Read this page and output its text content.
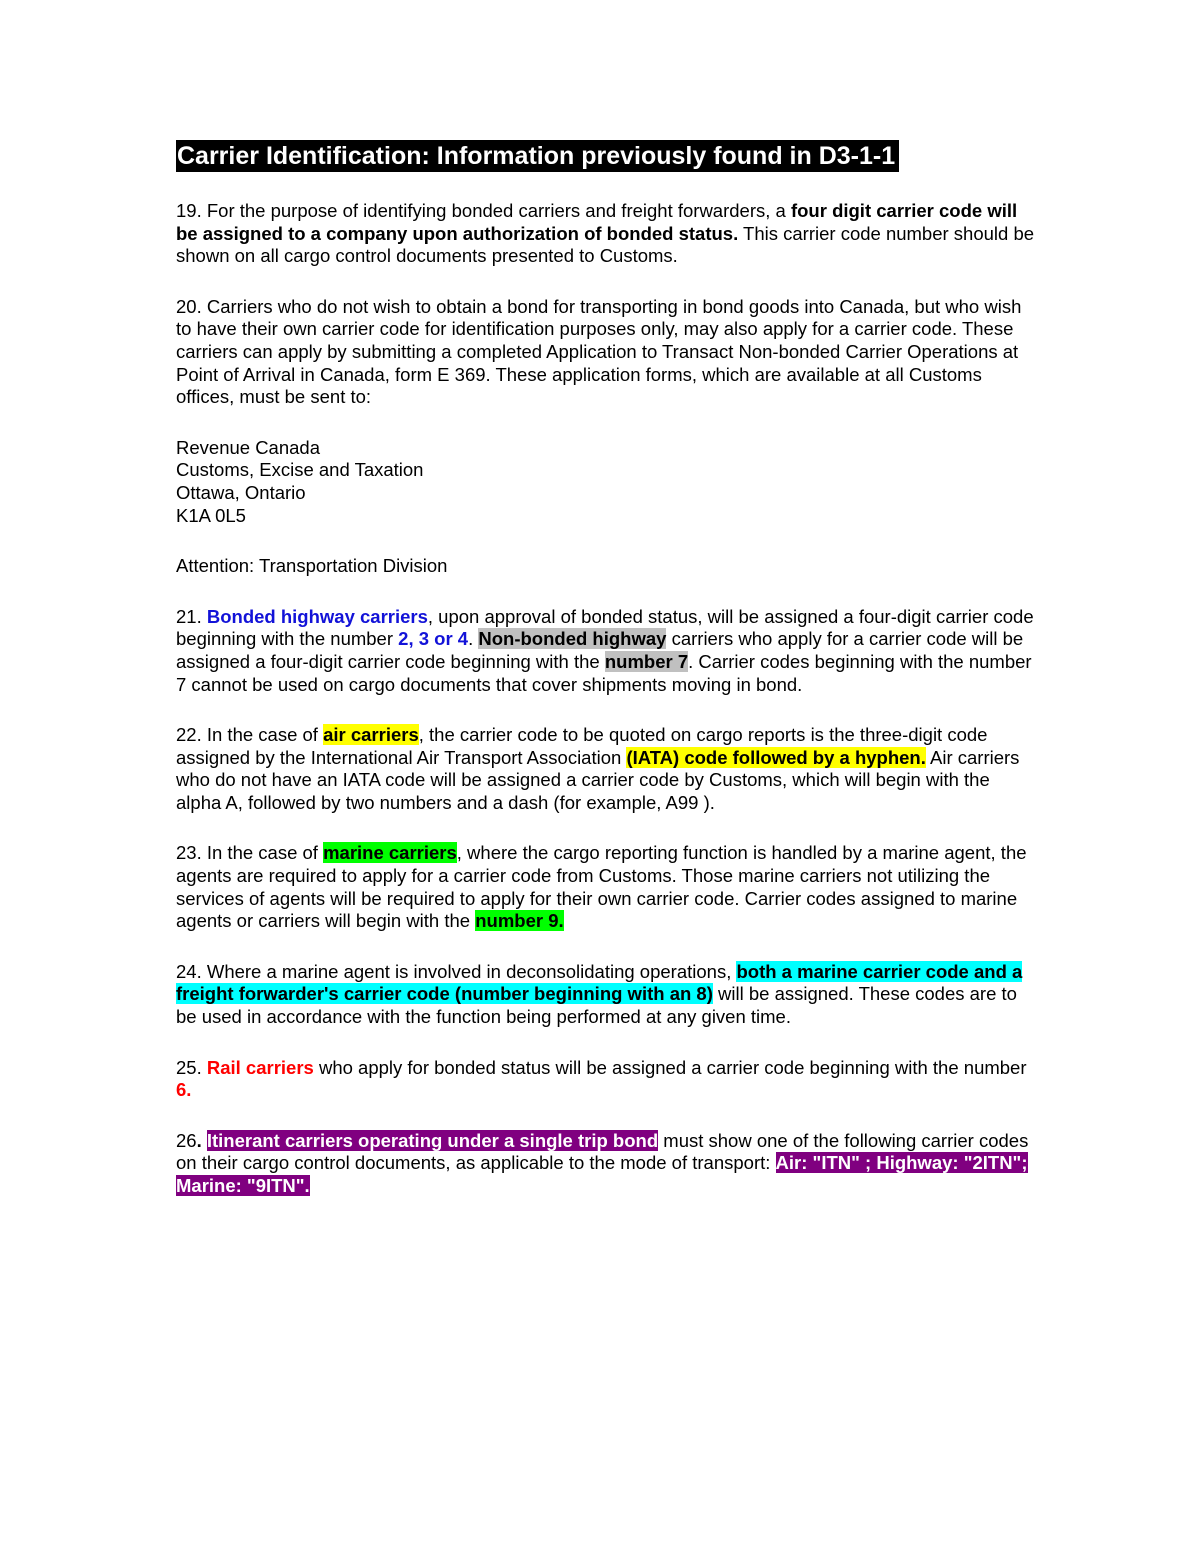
Carrier Identification: Information previously found in D3-1-1

19. For the purpose of identifying bonded carriers and freight forwarders, a four digit carrier code will be assigned to a company upon authorization of bonded status. This carrier code number should be shown on all cargo control documents presented to Customs.

20. Carriers who do not wish to obtain a bond for transporting in bond goods into Canada, but who wish to have their own carrier code for identification purposes only, may also apply for a carrier code. These carriers can apply by submitting a completed Application to Transact Non-bonded Carrier Operations at Point of Arrival in Canada, form E 369. These application forms, which are available at all Customs offices, must be sent to:

Revenue Canada
Customs, Excise and Taxation
Ottawa, Ontario
K1A 0L5

Attention: Transportation Division

21. Bonded highway carriers, upon approval of bonded status, will be assigned a four-digit carrier code beginning with the number 2, 3 or 4. Non-bonded highway carriers who apply for a carrier code will be assigned a four-digit carrier code beginning with the number 7. Carrier codes beginning with the number 7 cannot be used on cargo documents that cover shipments moving in bond.

22. In the case of air carriers, the carrier code to be quoted on cargo reports is the three-digit code assigned by the International Air Transport Association (IATA) code followed by a hyphen. Air carriers who do not have an IATA code will be assigned a carrier code by Customs, which will begin with the alpha A, followed by two numbers and a dash (for example, A99 ).

23. In the case of marine carriers, where the cargo reporting function is handled by a marine agent, the agents are required to apply for a carrier code from Customs. Those marine carriers not utilizing the services of agents will be required to apply for their own carrier code. Carrier codes assigned to marine agents or carriers will begin with the number 9.

24. Where a marine agent is involved in deconsolidating operations, both a marine carrier code and a freight forwarder's carrier code (number beginning with an 8) will be assigned. These codes are to be used in accordance with the function being performed at any given time.

25. Rail carriers who apply for bonded status will be assigned a carrier code beginning with the number 6.

26. Itinerant carriers operating under a single trip bond must show one of the following carrier codes on their cargo control documents, as applicable to the mode of transport: Air: "ITN" ; Highway: "2ITN"; Marine: "9ITN".
